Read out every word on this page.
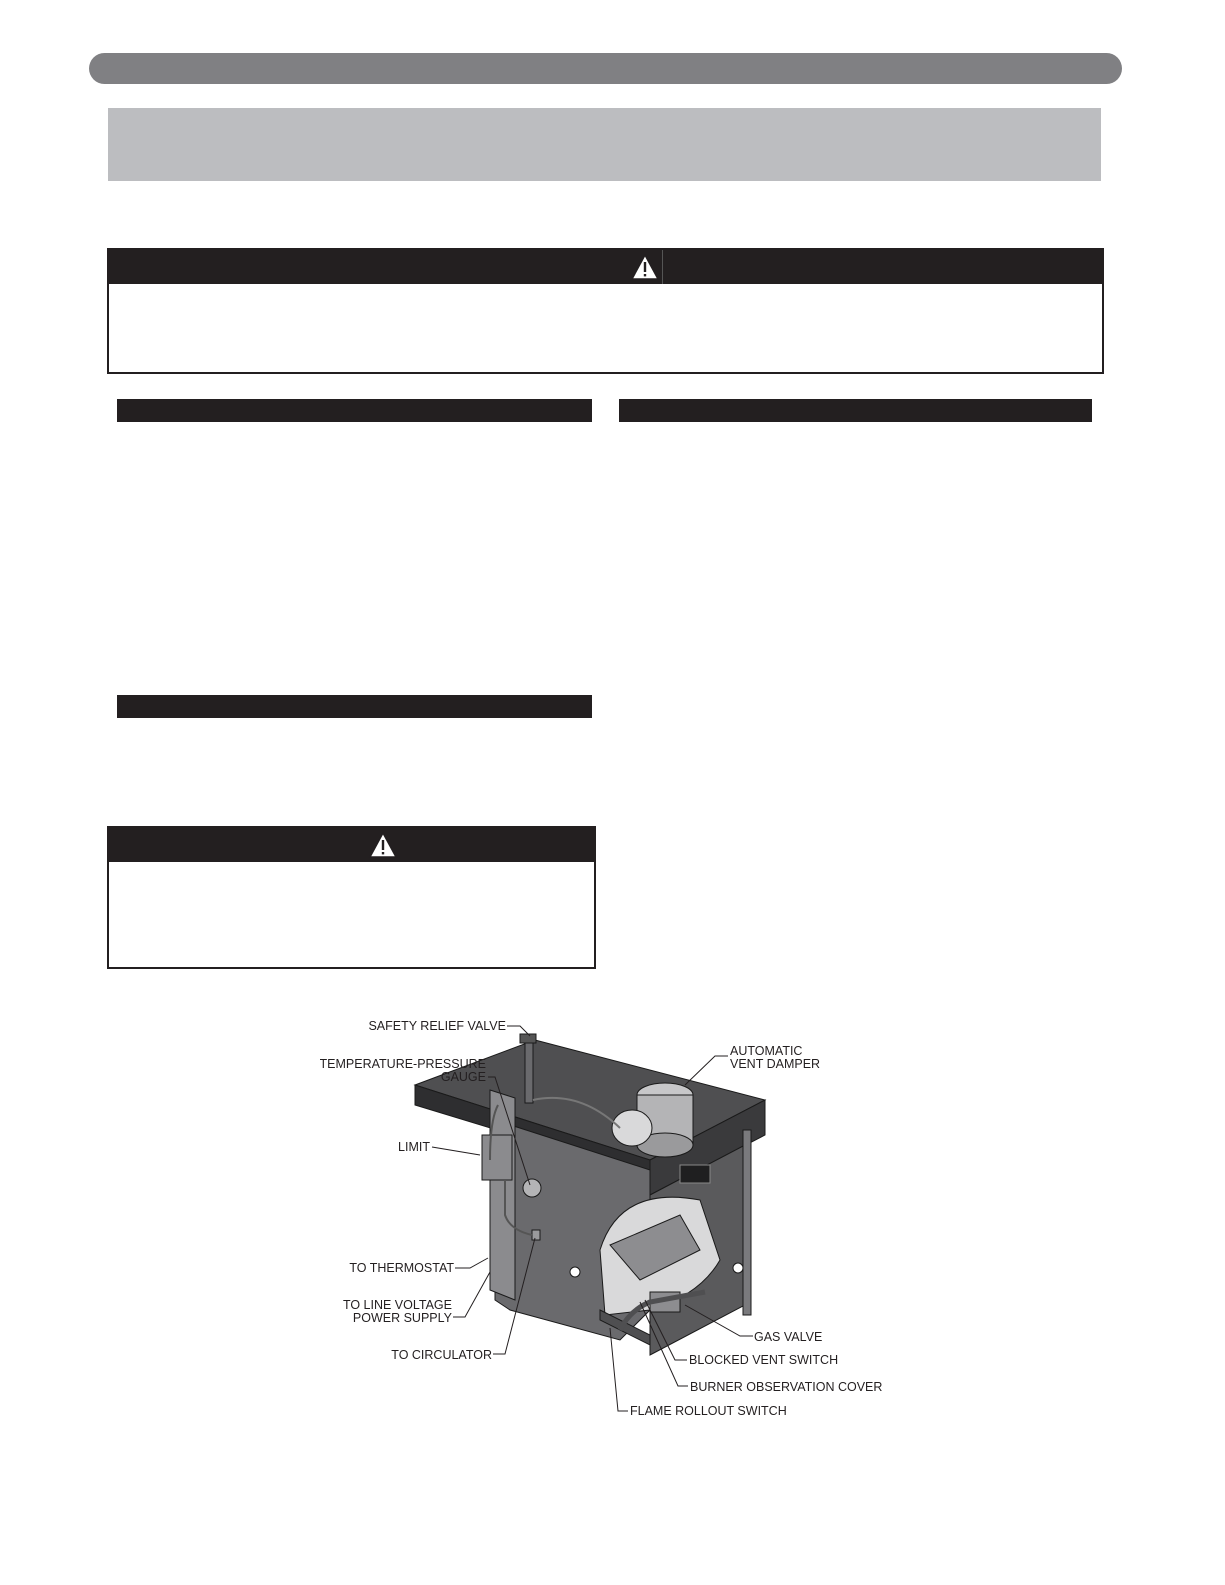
SAFETY RELIEF VALVE
TEMPERATURE-PRESSURE
GAUGE
LIMIT
TO THERMOSTAT
TO LINE VOLTAGE
POWER SUPPLY
TO CIRCULATOR
AUTOMATIC
VENT DAMPER
GAS VALVE
BLOCKED VENT SWITCH
BURNER OBSERVATION COVER
FLAME ROLLOUT SWITCH
